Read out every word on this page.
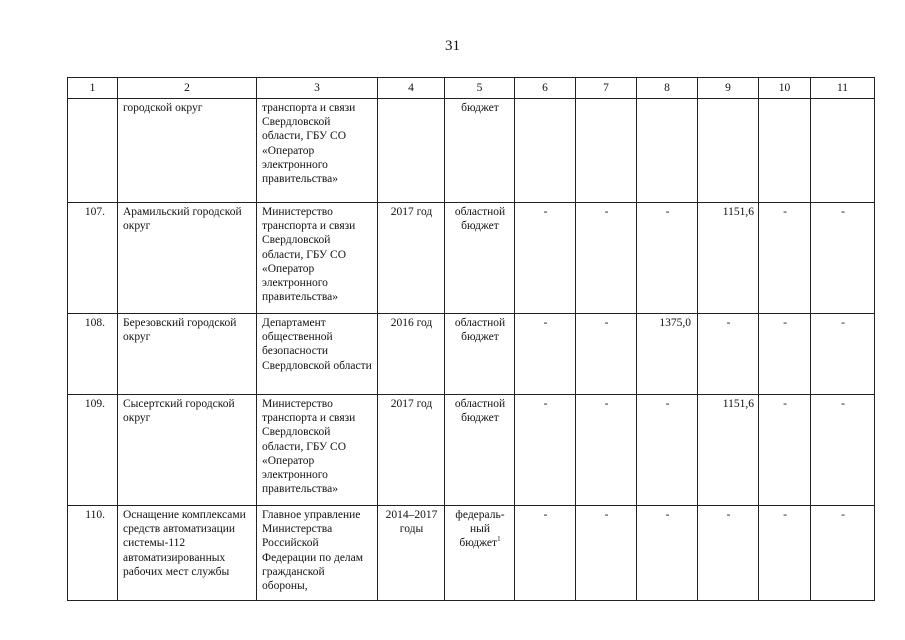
31
1	2	3	4	5	6	7	8	9	10	11
	городской округ	транспорта и связи Свердловской области, ГБУ СО «Оператор электронного правительства»		бюджет						
107.	Арамильский городской округ	Министерство транспорта и связи Свердловской области, ГБУ СО «Оператор электронного правительства»	2017 год	областной бюджет	-	-	-	1151,6	-	-
108.	Березовский городской округ	Департамент общественной безопасности Свердловской области	2016 год	областной бюджет	-	-	1375,0	-	-	-
109.	Сысертский городской округ	Министерство транспорта и связи Свердловской области, ГБУ СО «Оператор электронного правительства»	2017 год	областной бюджет	-	-	-	1151,6	-	-
110.	Оснащение комплексами средств автоматизации системы-112 автоматизированных рабочих мест службы	Главное управление Министерства Российской Федерации по делам гражданской обороны,	2014–2017 годы	федераль-ный бюджет$^1$	-	-	-	-	-	-
